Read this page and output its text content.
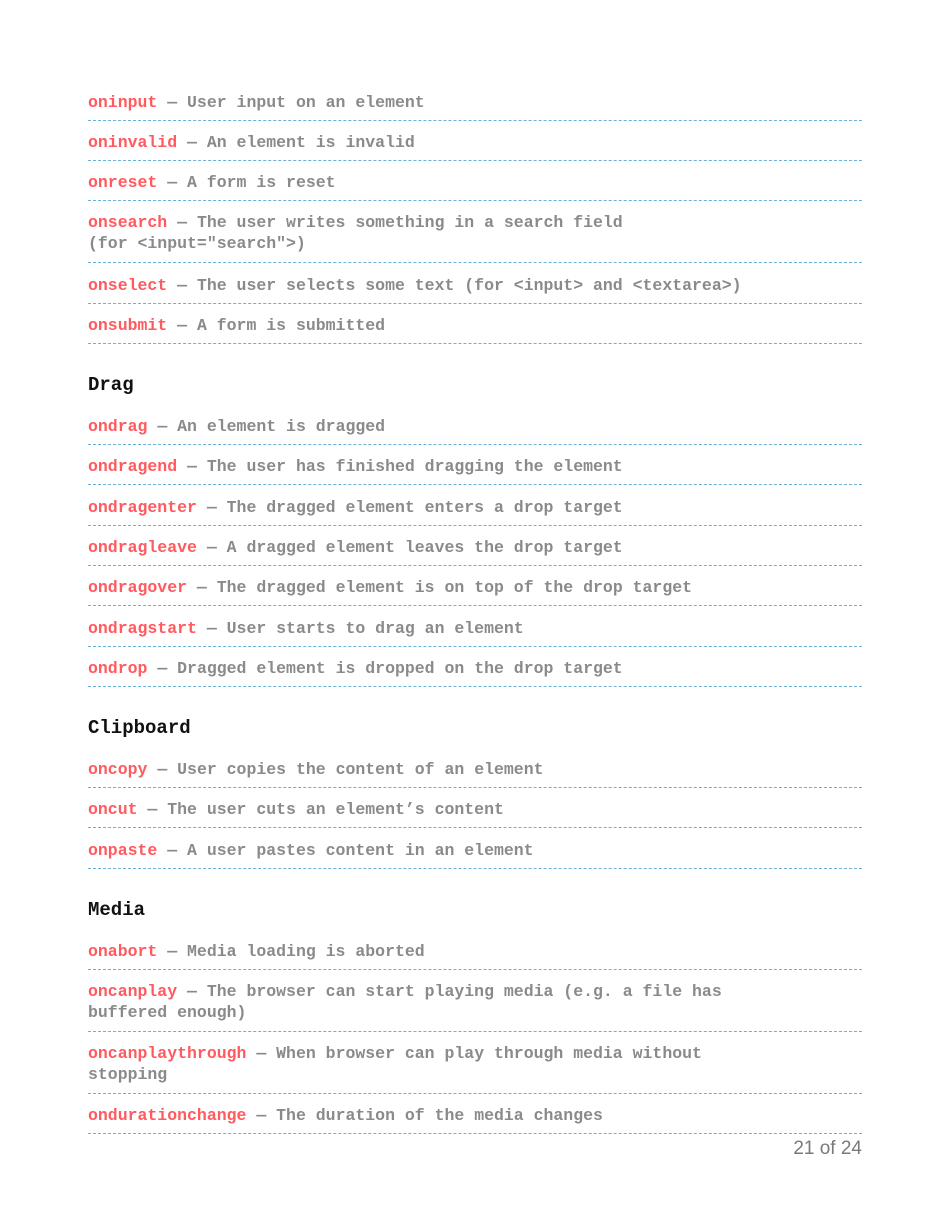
oninput — User input on an element
oninvalid — An element is invalid
onreset — A form is reset
onsearch — The user writes something in a search field
(for <input="search">)
onselect — The user selects some text (for <input> and <textarea>)
onsubmit — A form is submitted
Drag
ondrag — An element is dragged
ondragend — The user has finished dragging the element
ondragenter — The dragged element enters a drop target
ondragleave — A dragged element leaves the drop target
ondragover — The dragged element is on top of the drop target
ondragstart — User starts to drag an element
ondrop — Dragged element is dropped on the drop target
Clipboard
oncopy — User copies the content of an element
oncut — The user cuts an element’s content
onpaste — A user pastes content in an element
Media
onabort — Media loading is aborted
oncanplay — The browser can start playing media (e.g. a file has
buffered enough)
oncanplaythrough — When browser can play through media without
stopping
ondurationchange — The duration of the media changes
21 of 24
